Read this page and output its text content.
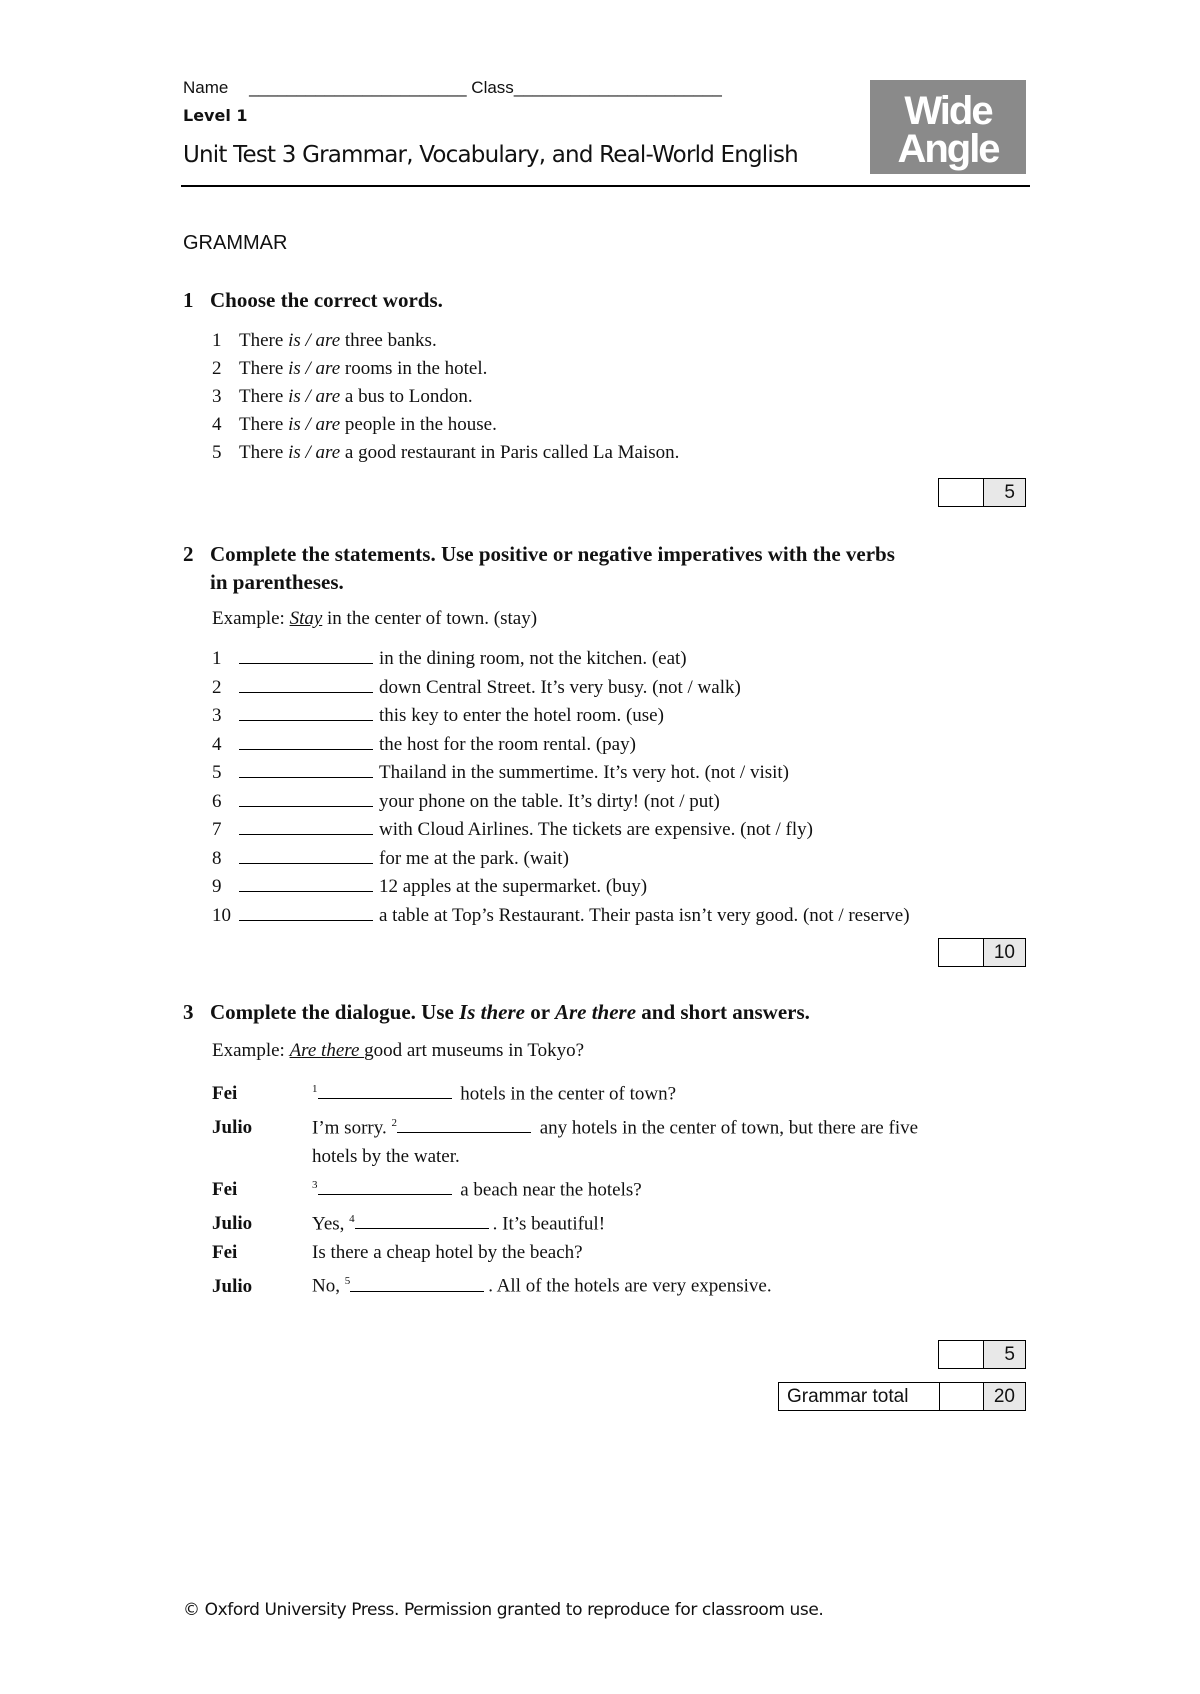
Name _______________________ Class______________________
Level 1
Unit Test 3 Grammar, Vocabulary, and Real-World English
Wide
Angle
GRAMMAR
1 Choose the correct words.
1 There is / are three banks.
2 There is / are rooms in the hotel.
3 There is / are a bus to London.
4 There is / are people in the house.
5 There is / are a good restaurant in Paris called La Maison.
5
2 Complete the statements. Use positive or negative imperatives with the verbs
in parentheses.
Example: Stay in the center of town. (stay)
1	in the dining room, not the kitchen. (eat)
2	down Central Street. It’s very busy. (not / walk)
3	this key to enter the hotel room. (use)
4	the host for the room rental. (pay)
5	Thailand in the summertime. It’s very hot. (not / visit)
6	your phone on the table. It’s dirty! (not / put)
7	with Cloud Airlines. The tickets are expensive. (not / fly)
8	for me at the park. (wait)
9	12 apples at the supermarket. (buy)
10	a table at Top’s Restaurant. Their pasta isn’t very good. (not / reserve)
10
3 Complete the dialogue. Use Is there or Are there and short answers.
Example: Are there good art museums in Tokyo?
Fei	$^1$	hotels in the center of town?
Julio	I’m sorry. $^2$	any hotels in the center of town, but there are five
hotels by the water.
Fei	$^3$	a beach near the hotels?
Julio	Yes, $^4$	. It’s beautiful!
Fei	Is there a cheap hotel by the beach?
Julio	No, $^5$	. All of the hotels are very expensive.
5
Grammar total	20
© Oxford University Press. Permission granted to reproduce for classroom use.
